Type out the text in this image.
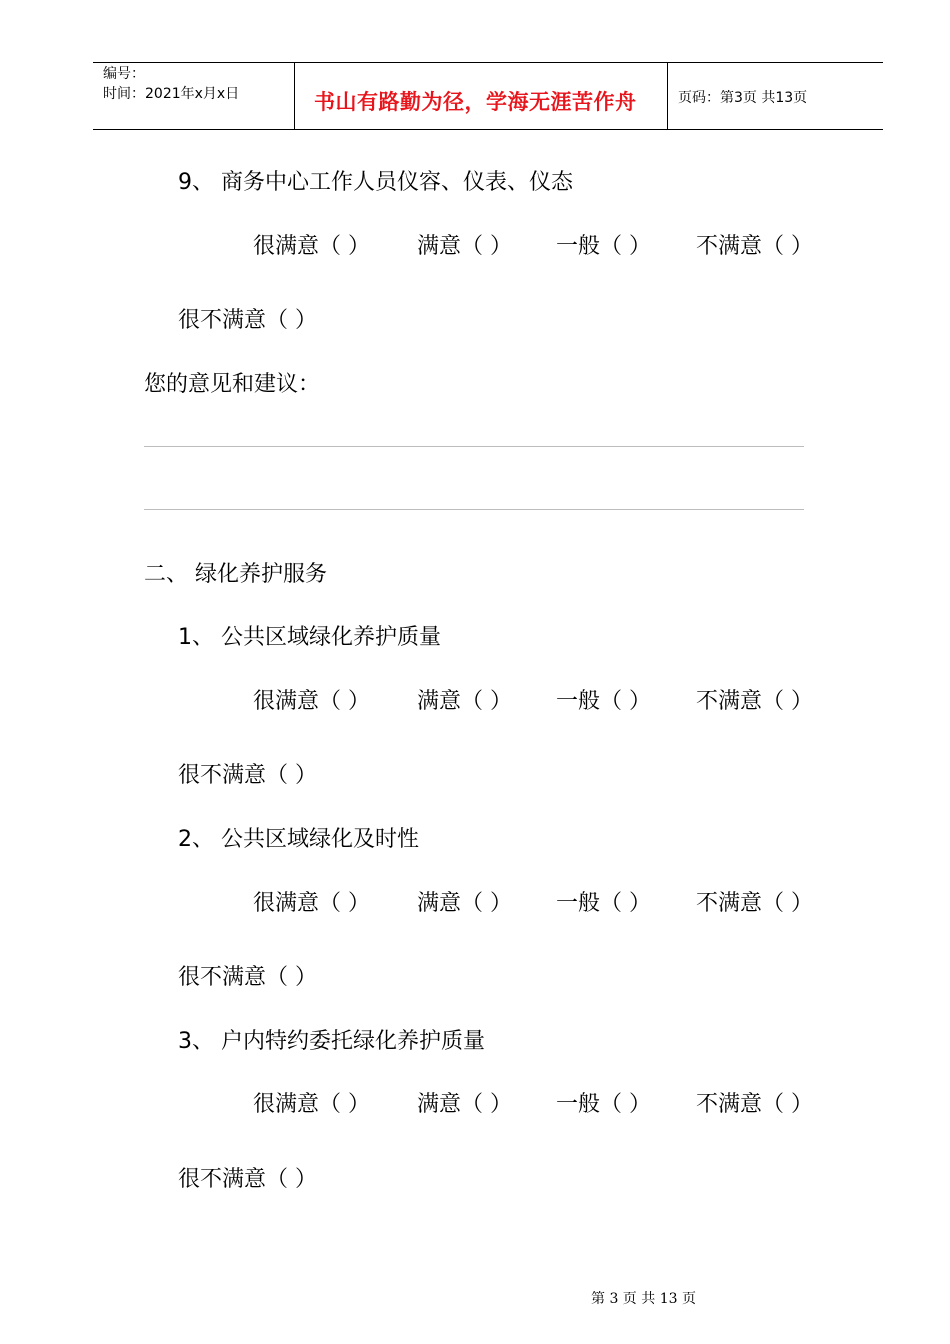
编号：
时间：2021年x月x日	书山有路勤为径，学海无涯苦作舟	页码：第3页 共13页
9、 商务中心工作人员仪容、仪表、仪态
很满意（ ） 满意（ ） 一般（ ） 不满意（ ）
很不满意（ ）
您的意见和建议：
二、 绿化养护服务
1、 公共区域绿化养护质量
很满意（ ） 满意（ ） 一般（ ） 不满意（ ）
很不满意（ ）
2、 公共区域绿化及时性
很满意（ ） 满意（ ） 一般（ ） 不满意（ ）
很不满意（ ）
3、 户内特约委托绿化养护质量
很满意（ ） 满意（ ） 一般（ ） 不满意（ ）
很不满意（ ）
第 3 页 共 13 页
